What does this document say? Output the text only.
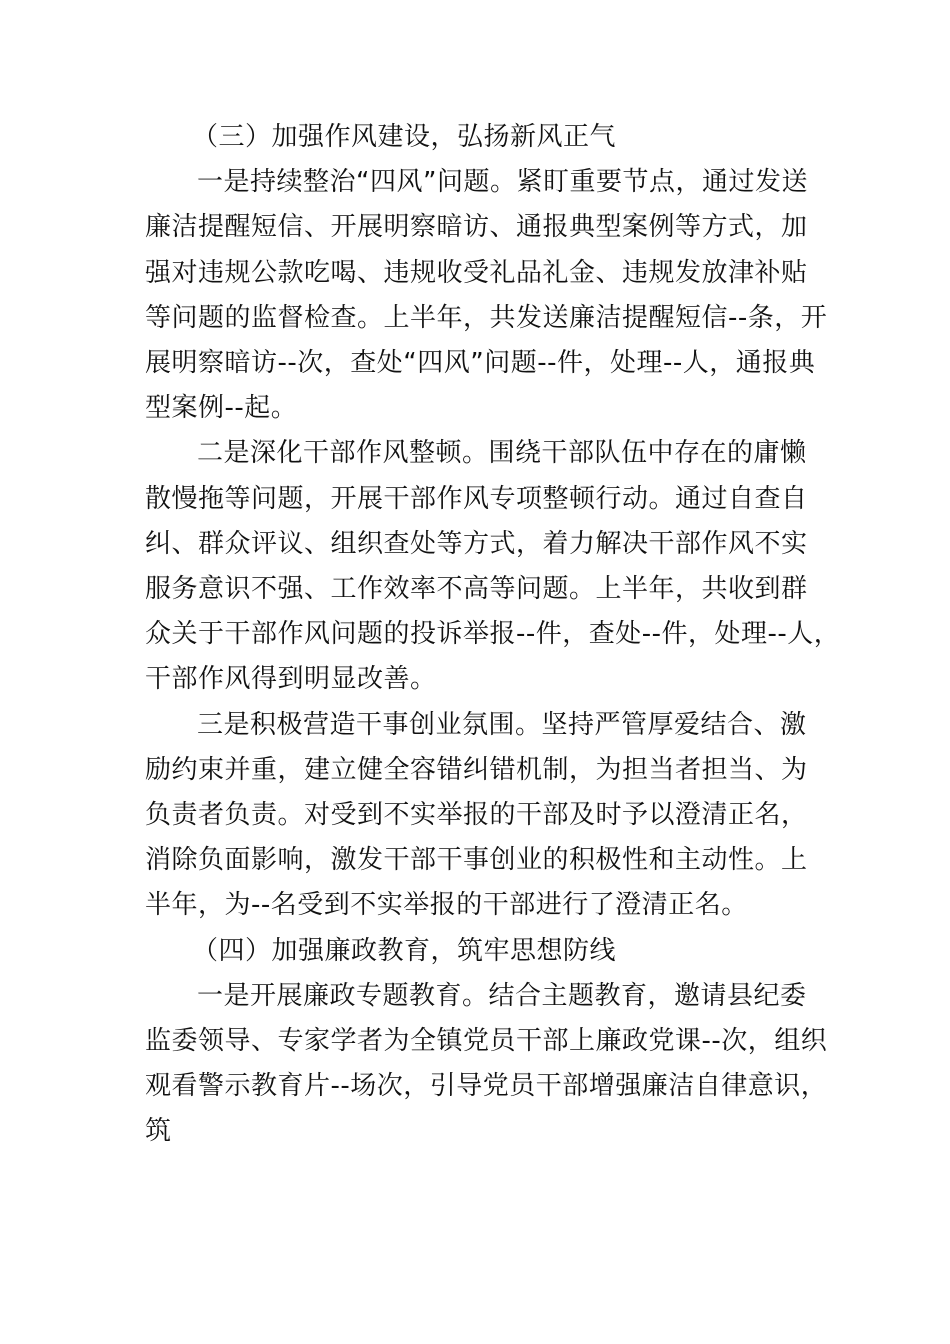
（三）加强作风建设，弘扬新风正气
一是持续整治“四风”问题。紧盯重要节点，通过发送
廉洁提醒短信、开展明察暗访、通报典型案例等方式，加
强对违规公款吃喝、违规收受礼品礼金、违规发放津补贴
等问题的监督检查。上半年，共发送廉洁提醒短信--条，开
展明察暗访--次，查处“四风”问题--件，处理--人，通报典
型案例--起。
二是深化干部作风整顿。围绕干部队伍中存在的庸懒
散慢拖等问题，开展干部作风专项整顿行动。通过自查自
纠、群众评议、组织查处等方式，着力解决干部作风不实
服务意识不强、工作效率不高等问题。上半年，共收到群
众关于干部作风问题的投诉举报--件，查处--件，处理--人，
干部作风得到明显改善。
三是积极营造干事创业氛围。坚持严管厚爱结合、激
励约束并重，建立健全容错纠错机制，为担当者担当、为
负责者负责。对受到不实举报的干部及时予以澄清正名，
消除负面影响，激发干部干事创业的积极性和主动性。上
半年，为--名受到不实举报的干部进行了澄清正名。
（四）加强廉政教育，筑牢思想防线
一是开展廉政专题教育。结合主题教育，邀请县纪委
监委领导、专家学者为全镇党员干部上廉政党课--次，组织
观看警示教育片--场次，引导党员干部增强廉洁自律意识，
筑
